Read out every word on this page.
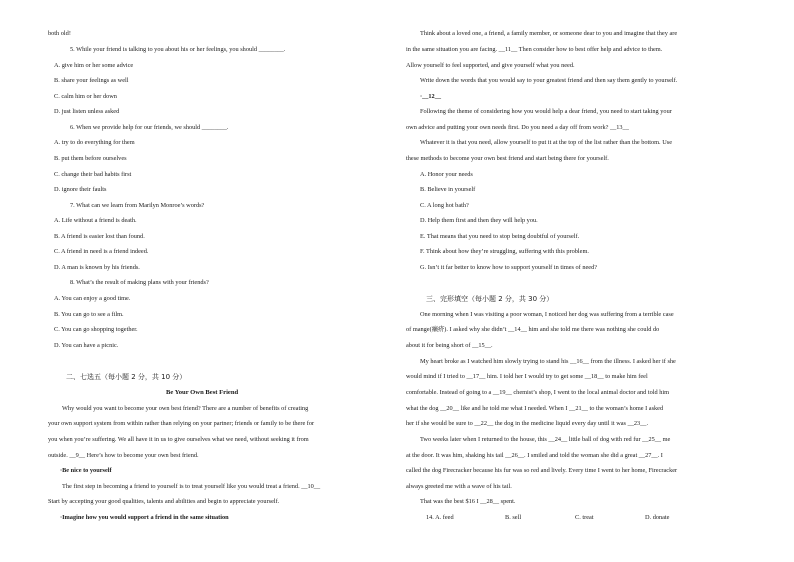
both old!
5. While your friend is talking to you about his or her feelings, you should ________.
A. give him or her some advice
B. share your feelings as well
C. calm him or her down
D. just listen unless asked
6. When we provide help for our friends, we should ________.
A. try to do everything for them
B. put them before ourselves
C. change their bad habits first
D. ignore their faults
7. What can we learn from Marilyn Monroe’s words?
A. Life without a friend is death.
B. A friend is easier lost than found.
C. A friend in need is a friend indeed.
D. A man is known by his friends.
8. What’s the result of making plans with your friends?
A. You can enjoy a good time.
B. You can go to see a film.
C. You can go shopping together.
D. You can have a picnic.
二、七选五（每小题 2 分，共 10 分）
Be Your Own Best Friend
Why would you want to become your own best friend? There are a number of benefits of creating
your own support system from within rather than relying on your partner; friends or family to be there for
you when you’re suffering. We all have it in us to give ourselves what we need, without seeking it from
outside. __9__ Here’s how to become your own best friend.
·Be nice to yourself
The first step in becoming a friend to yourself is to treat yourself like you would treat a friend. __10__
Start by accepting your good qualities, talents and abilities and begin to appreciate yourself.
·Imagine how you would support a friend in the same situation
Think about a loved one, a friend, a family member, or someone dear to you and imagine that they are
in the same situation you are facing. __11__ Then consider how to best offer help and advice to them.
Allow yourself to feel supported, and give yourself what you need.
Write down the words that you would say to your greatest friend and then say them gently to yourself.
·__12__
Following the theme of considering how you would help a dear friend, you need to start taking your
own advice and putting your own needs first. Do you need a day off from work? __13__
Whatever it is that you need, allow yourself to put it at the top of the list rather than the bottom. Use
these methods to become your own best friend and start being there for yourself.
A. Honor your needs
B. Believe in yourself
C. A long hot bath?
D. Help them first and then they will help you.
E. That means that you need to stop being doubtful of yourself.
F. Think about how they’re struggling, suffering with this problem.
G. Isn’t it far better to know how to support yourself in times of need?
三、完形填空（每小题 2 分，共 30 分）
One morning when I was visiting a poor woman, I noticed her dog was suffering from a terrible case
of mange(癞疥). I asked why she didn’t __14__ him and she told me there was nothing she could do
about it for being short of __15__.
My heart broke as I watched him slowly trying to stand his __16__ from the illness. I asked her if she
would mind if I tried to __17__ him. I told her I would try to get some __18__ to make him feel
comfortable. Instead of going to a __19__ chemist’s shop, I went to the local animal doctor and told him
what the dog __20__ like and he told me what I needed. When I __21__ to the woman’s home I asked
her if she would be sure to __22__ the dog in the medicine liquid every day until it was __23__.
Two weeks later when I returned to the house, this __24__ little ball of dog with red fur __25__ me
at the door. It was him, shaking his tail __26__. I smiled and told the woman she did a great __27__. I
called the dog Firecracker because his fur was so red and lively. Every time I went to her home, Firecracker
always greeted me with a wave of his tail.
That was the best $16 I __28__ spent.
14. A. feed	B. sell	C. treat	D. donate
